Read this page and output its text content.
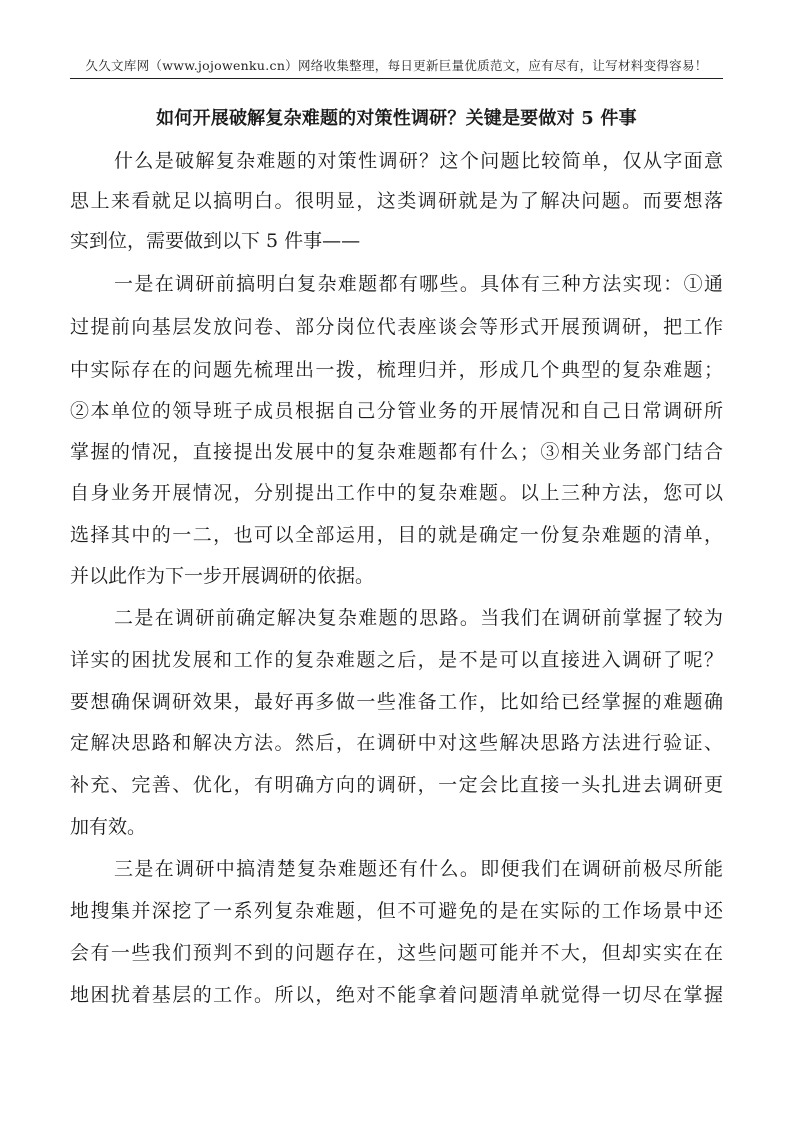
久久文库网（www.jojowenku.cn）网络收集整理，每日更新巨量优质范文，应有尽有，让写材料变得容易！
如何开展破解复杂难题的对策性调研？关键是要做对 5 件事
什么是破解复杂难题的对策性调研？这个问题比较简单，仅从字面意
思上来看就足以搞明白。很明显，这类调研就是为了解决问题。而要想落
实到位，需要做到以下 5 件事——
一是在调研前搞明白复杂难题都有哪些。具体有三种方法实现：①通
过提前向基层发放问卷、部分岗位代表座谈会等形式开展预调研，把工作
中实际存在的问题先梳理出一拨，梳理归并，形成几个典型的复杂难题；
②本单位的领导班子成员根据自己分管业务的开展情况和自己日常调研所
掌握的情况，直接提出发展中的复杂难题都有什么；③相关业务部门结合
自身业务开展情况，分别提出工作中的复杂难题。以上三种方法，您可以
选择其中的一二，也可以全部运用，目的就是确定一份复杂难题的清单，
并以此作为下一步开展调研的依据。
二是在调研前确定解决复杂难题的思路。当我们在调研前掌握了较为
详实的困扰发展和工作的复杂难题之后，是不是可以直接进入调研了呢？
要想确保调研效果，最好再多做一些准备工作，比如给已经掌握的难题确
定解决思路和解决方法。然后，在调研中对这些解决思路方法进行验证、
补充、完善、优化，有明确方向的调研，一定会比直接一头扎进去调研更
加有效。
三是在调研中搞清楚复杂难题还有什么。即便我们在调研前极尽所能
地搜集并深挖了一系列复杂难题，但不可避免的是在实际的工作场景中还
会有一些我们预判不到的问题存在，这些问题可能并不大，但却实实在在
地困扰着基层的工作。所以，绝对不能拿着问题清单就觉得一切尽在掌握
